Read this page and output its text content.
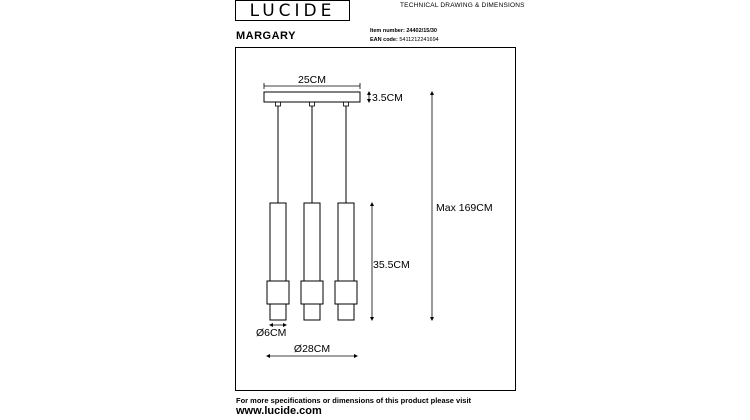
LUCIDE	TECHNICAL DRAWING & DIMENSIONS
MARGARY	Item number: 24402/15/30
EAN code: 5411212241694
25CM
3.5CM
35.5CM
Max 169CM
Ø6CM
Ø28CM
For more specifications or dimensions of this product please visit
www.lucide.com
